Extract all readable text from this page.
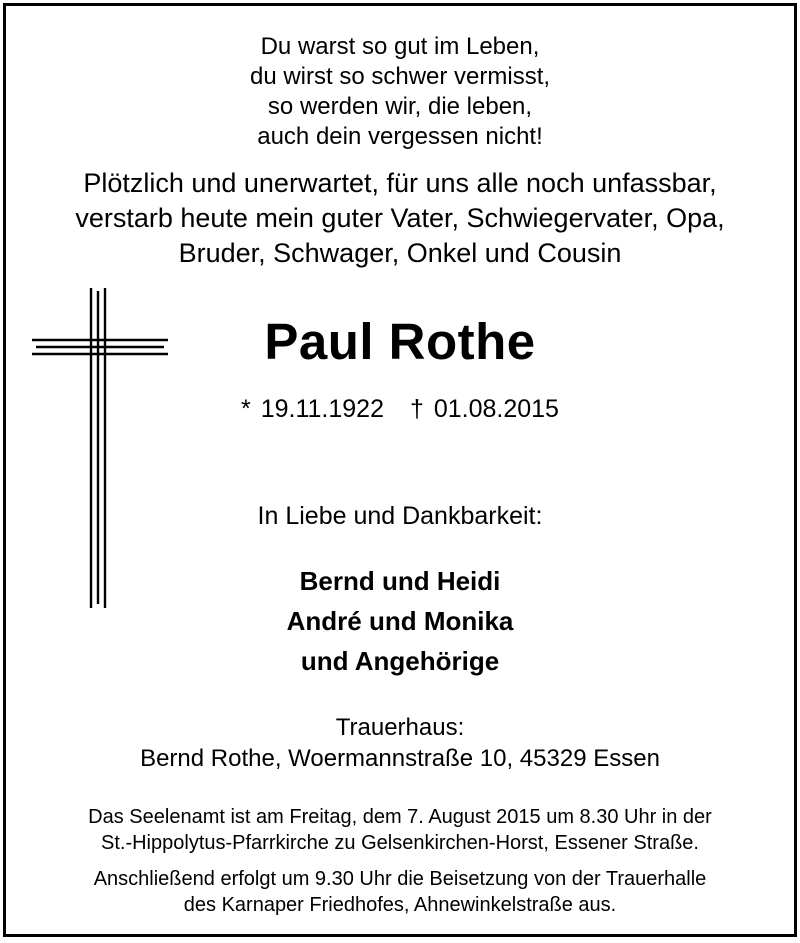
Du warst so gut im Leben,
du wirst so schwer vermisst,
so werden wir, die leben,
auch dein vergessen nicht!
Plötzlich und unerwartet, für uns alle noch unfassbar,
verstarb heute mein guter Vater, Schwiegervater, Opa,
Bruder, Schwager, Onkel und Cousin
Paul Rothe
* 19.11.1922 † 01.08.2015
In Liebe und Dankbarkeit:
Bernd und Heidi
André und Monika
und Angehörige
Trauerhaus:
Bernd Rothe, Woermannstraße 10, 45329 Essen
Das Seelenamt ist am Freitag, dem 7. August 2015 um 8.30 Uhr in der
St.-Hippolytus-Pfarrkirche zu Gelsenkirchen-Horst, Essener Straße.
Anschließend erfolgt um 9.30 Uhr die Beisetzung von der Trauerhalle
des Karnaper Friedhofes, Ahnewinkelstraße aus.
